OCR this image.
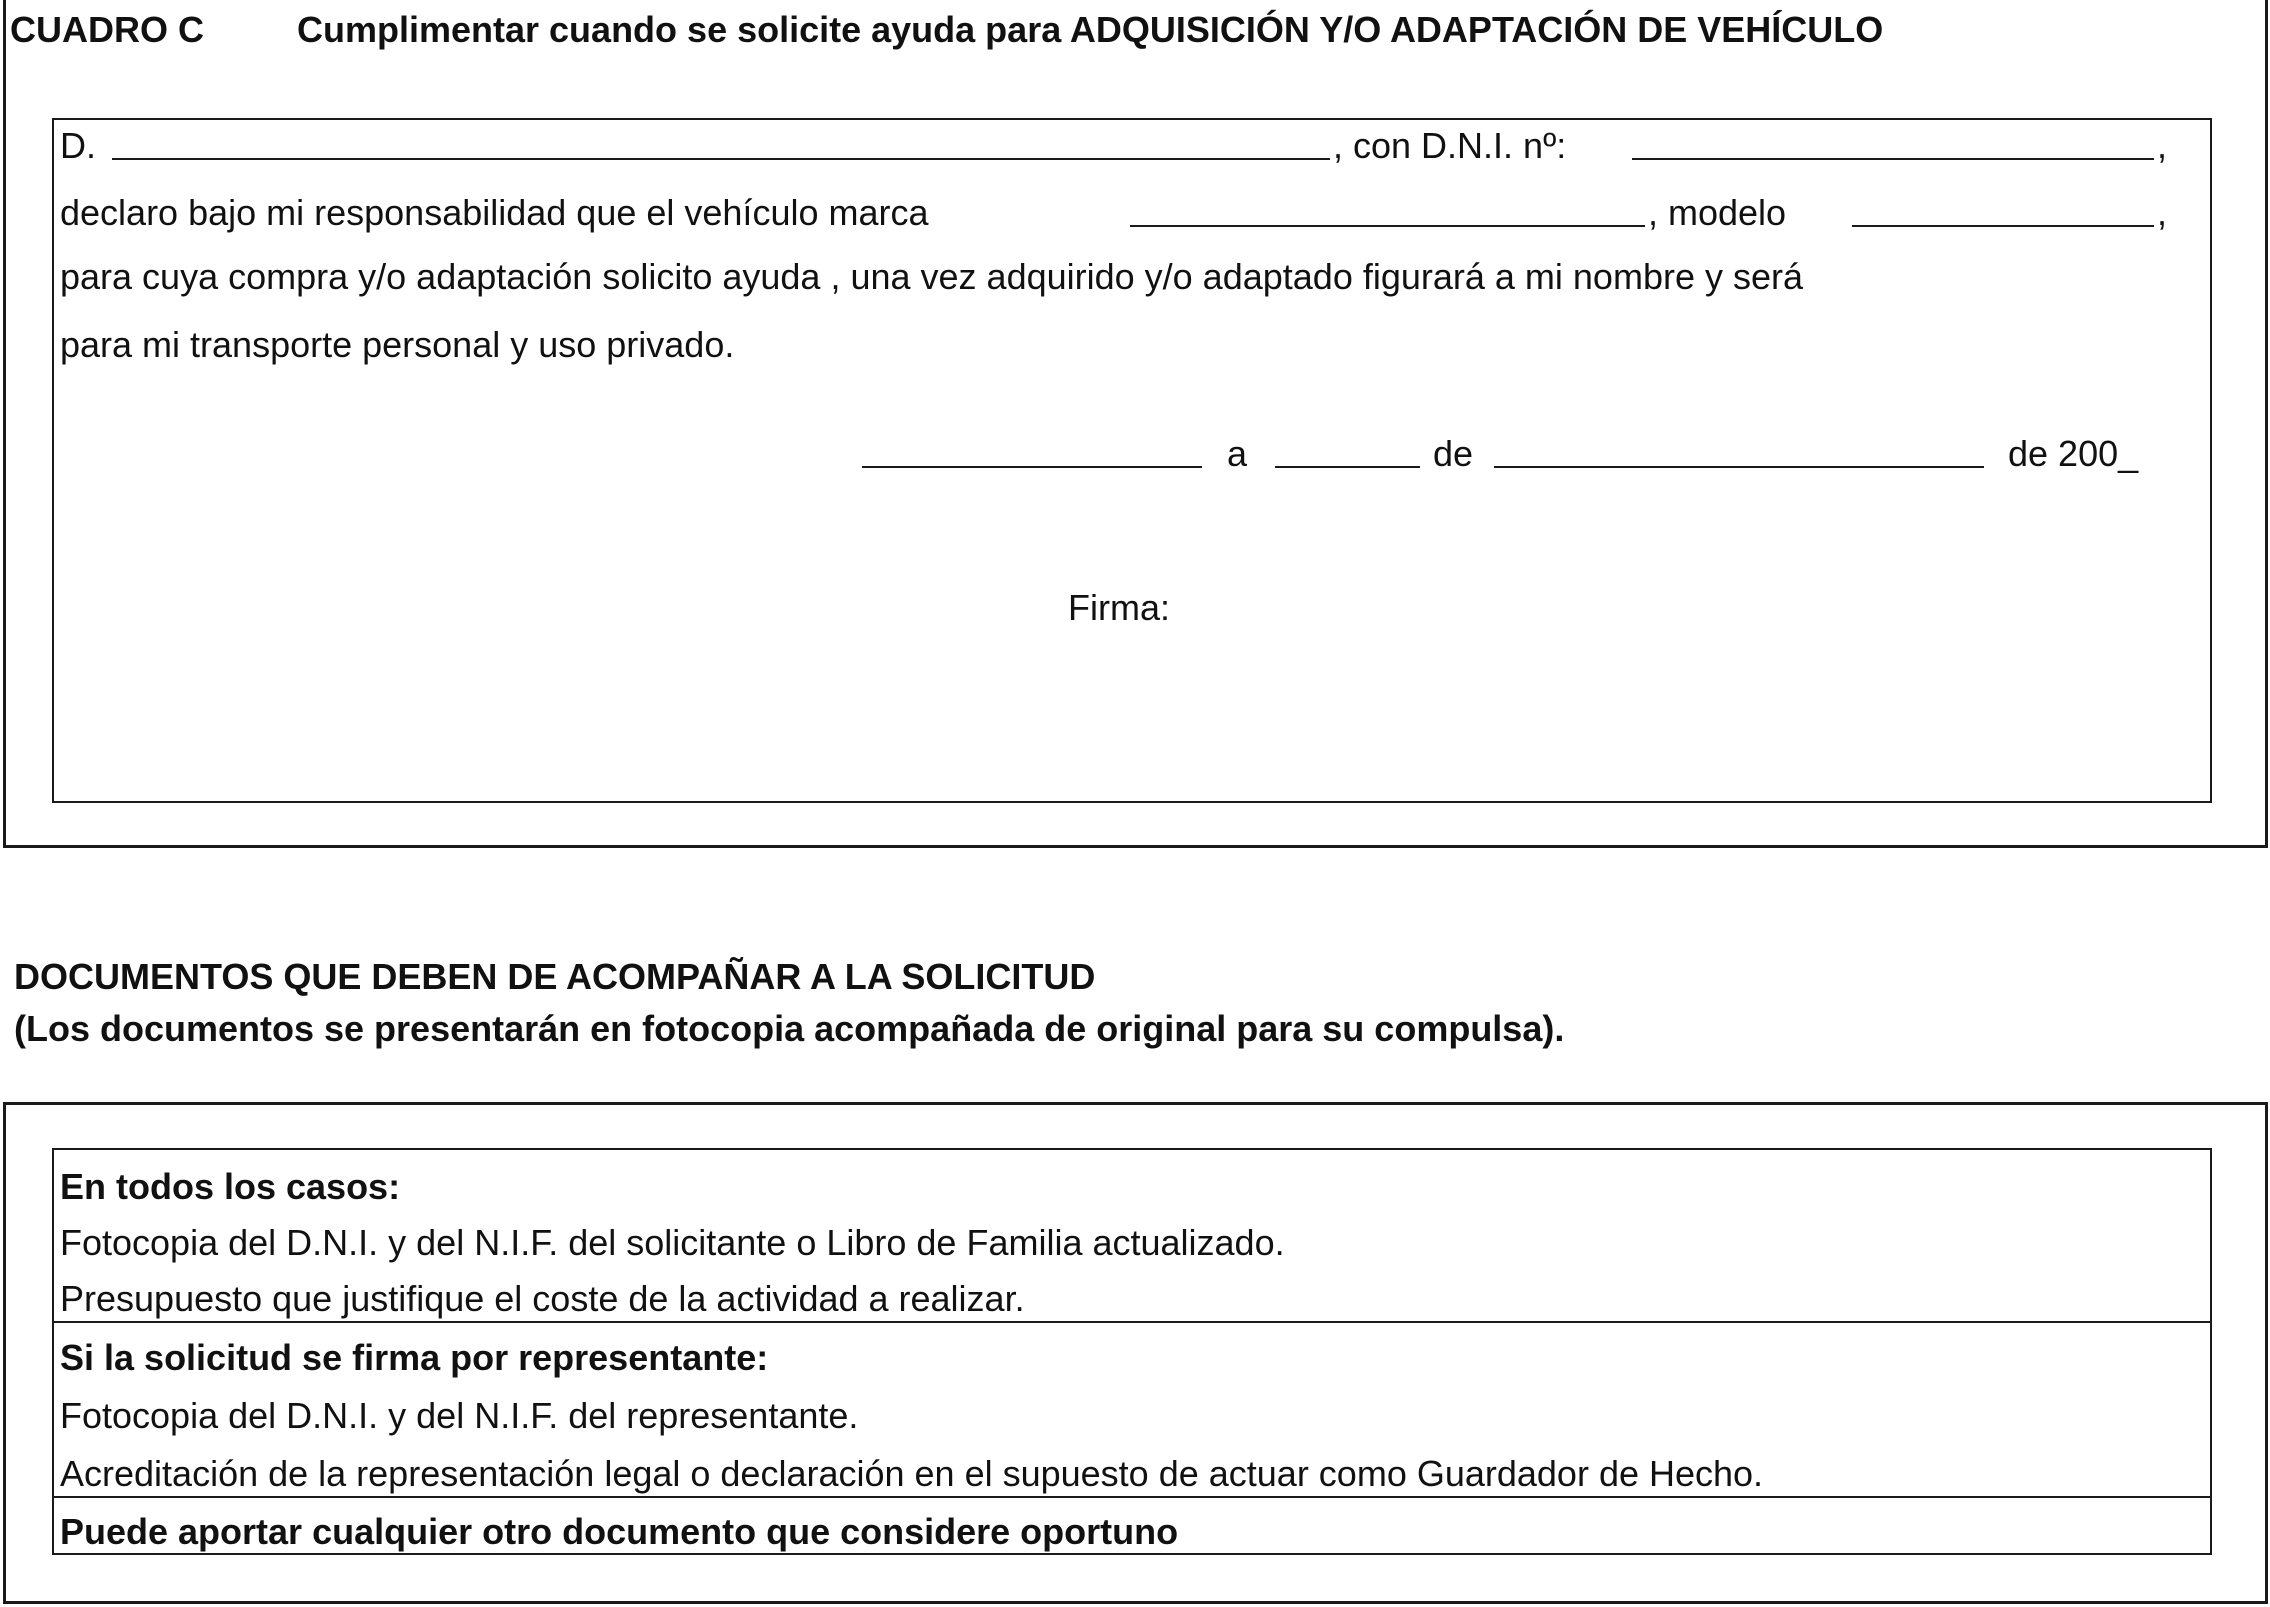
CUADRO C	Cumplimentar cuando se solicite ayuda para ADQUISICIÓN Y/O ADAPTACIÓN DE VEHÍCULO
D.	, con D.N.I. nº:	,
declaro bajo mi responsabilidad que el vehículo marca	, modelo	,
para cuya compra y/o adaptación solicito ayuda , una vez adquirido y/o adaptado figurará a mi nombre y será
para mi transporte personal y uso privado.
a	de	de 200_
Firma:
DOCUMENTOS QUE DEBEN DE ACOMPAÑAR A LA SOLICITUD
(Los documentos se presentarán en fotocopia acompañada de original para su compulsa).
En todos los casos:
Fotocopia del D.N.I. y del N.I.F. del solicitante o Libro de Familia actualizado.
Presupuesto que justifique el coste de la actividad a realizar.
Si la solicitud se firma por representante:
Fotocopia del D.N.I. y del N.I.F. del representante.
Acreditación de la representación legal o declaración en el supuesto de actuar como Guardador de Hecho.
Puede aportar cualquier otro documento que considere oportuno
